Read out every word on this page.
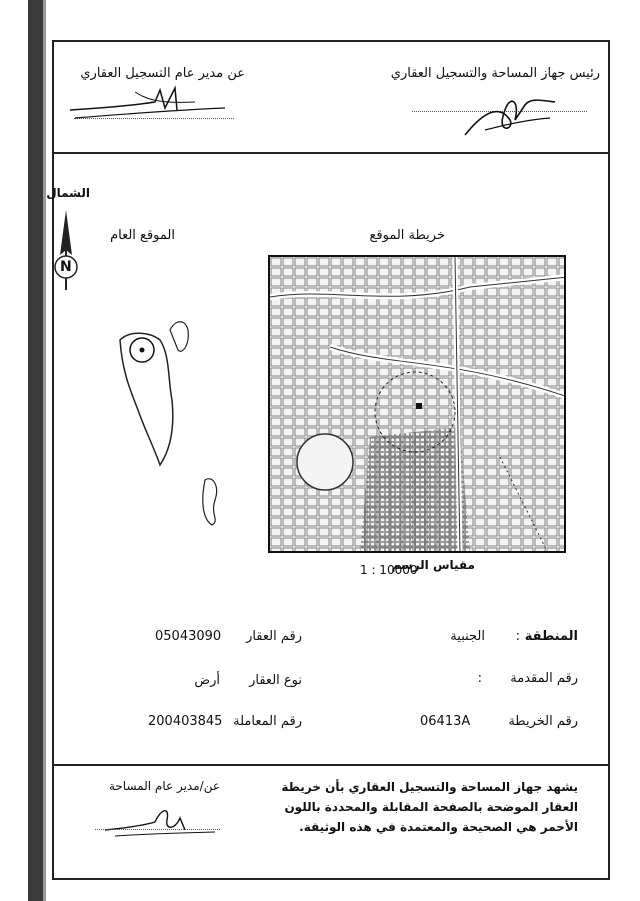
رئيس جهاز المساحة والتسجيل العقاري
عن مدير عام التسجيل العقاري
الشمال
N
الموقع العام	خريطة الموقع
مقياس الرسم
1 : 10000
المنطقة
:
الجنبية
رقم العقار
05043090
رقم المقدمة
:
نوع العقار
أرض
رقم الخريطة
06413A
رقم المعاملة
200403845
يشهد جهاز المساحة والتسجيل العقاري بأن خريطة
العقار الموضحة بالصفحة المقابلة والمحددة باللون
الأحمر هي الصحيحة والمعتمدة في هذه الوثيقة.
عن/مدير عام المساحة
